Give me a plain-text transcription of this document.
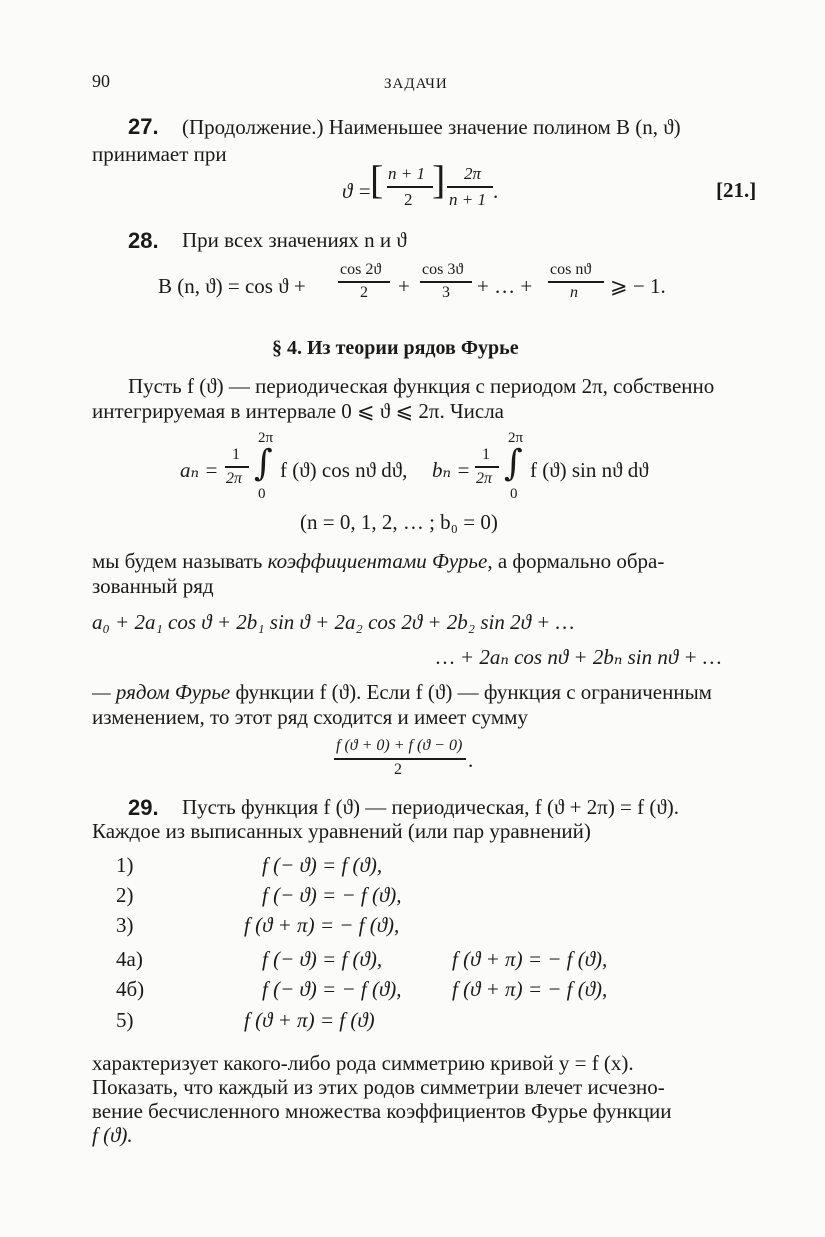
90	ЗАДАЧИ
27. (Продолжение.) Наименьшее значение полином B (n, ϑ)
принимает при
ϑ =
[ n + 1
2 ] 2π
n + 1 .	[21.]
28. При всех значениях n и ϑ
B (n, ϑ) = cos ϑ +
cos 2ϑ
2 +
cos 3ϑ
3 + … +
cos nϑ
n ⩾ − 1.
§ 4. Из теории рядов Фурье
Пусть f (ϑ) — периодическая функция с периодом 2π, собственно
интегрируемая в интервале 0 ⩽ ϑ ⩽ 2π. Числа
2π
aₙ =
1
2π ∫
0
f (ϑ) cos nϑ dϑ,
2π
bₙ =
1
2π ∫
0
f (ϑ) sin nϑ dϑ
(n = 0, 1, 2, … ; b₀ = 0)
мы будем называть коэффициентами Фурье, а формально обра-
зованный ряд
a₀ + 2a₁ cos ϑ + 2b₁ sin ϑ + 2a₂ cos 2ϑ + 2b₂ sin 2ϑ + …
… + 2aₙ cos nϑ + 2bₙ sin nϑ + …
— рядом Фурье функции f (ϑ). Если f (ϑ) — функция с ограниченным
изменением, то этот ряд сходится и имеет сумму
f (ϑ + 0) + f (ϑ − 0)
2	.
29. Пусть функция f (ϑ) — периодическая, f (ϑ + 2π) = f (ϑ).
Каждое из выписанных уравнений (или пар уравнений)
1)	f (− ϑ) = f (ϑ),
2)	f (− ϑ) = − f (ϑ),
3)	f (ϑ + π) = − f (ϑ),
4а)	f (− ϑ) = f (ϑ),	f (ϑ + π) = − f (ϑ),
4б)	f (− ϑ) = − f (ϑ), f (ϑ + π) = − f (ϑ),
5)	f (ϑ + π) = f (ϑ)
характеризует какого-либо рода симметрию кривой y = f (x).
Показать, что каждый из этих родов симметрии влечет исчезно-
вение бесчисленного множества коэффициентов Фурье функции
f (ϑ).
